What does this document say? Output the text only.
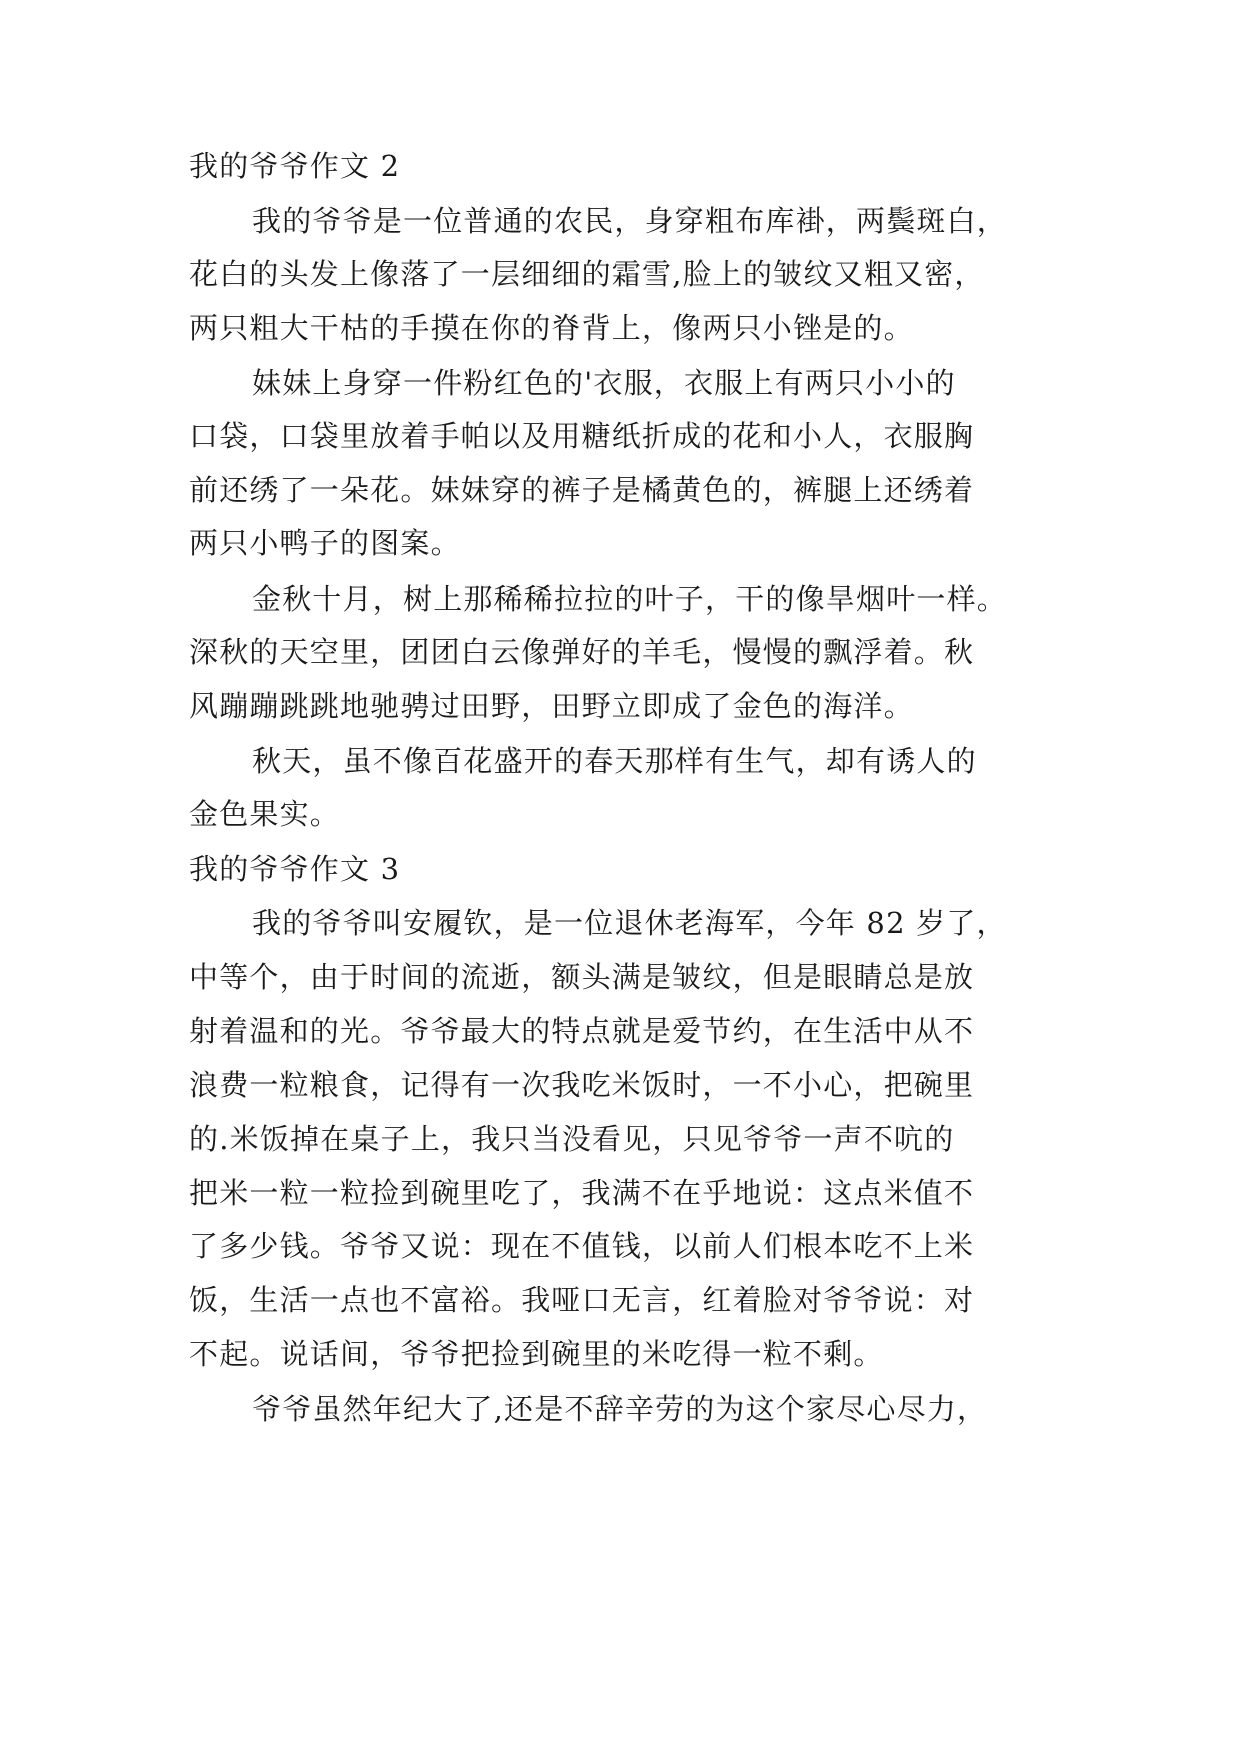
我的爷爷作文 2
我的爷爷是一位普通的农民，身穿粗布库褂，两鬓斑白，
花白的头发上像落了一层细细的霜雪,脸上的皱纹又粗又密，
两只粗大干枯的手摸在你的脊背上，像两只小锉是的。
妹妹上身穿一件粉红色的'衣服，衣服上有两只小小的
口袋，口袋里放着手帕以及用糖纸折成的花和小人，衣服胸
前还绣了一朵花。妹妹穿的裤子是橘黄色的，裤腿上还绣着
两只小鸭子的图案。
金秋十月，树上那稀稀拉拉的叶子，干的像旱烟叶一样。
深秋的天空里，团团白云像弹好的羊毛，慢慢的飘浮着。秋
风蹦蹦跳跳地驰骋过田野，田野立即成了金色的海洋。
秋天，虽不像百花盛开的春天那样有生气，却有诱人的
金色果实。
我的爷爷作文 3
我的爷爷叫安履钦，是一位退休老海军，今年 82 岁了，
中等个，由于时间的流逝，额头满是皱纹，但是眼睛总是放
射着温和的光。爷爷最大的特点就是爱节约，在生活中从不
浪费一粒粮食，记得有一次我吃米饭时，一不小心，把碗里
的.米饭掉在桌子上，我只当没看见，只见爷爷一声不吭的
把米一粒一粒捡到碗里吃了，我满不在乎地说：这点米值不
了多少钱。爷爷又说：现在不值钱，以前人们根本吃不上米
饭，生活一点也不富裕。我哑口无言，红着脸对爷爷说：对
不起。说话间，爷爷把捡到碗里的米吃得一粒不剩。
爷爷虽然年纪大了,还是不辞辛劳的为这个家尽心尽力，
